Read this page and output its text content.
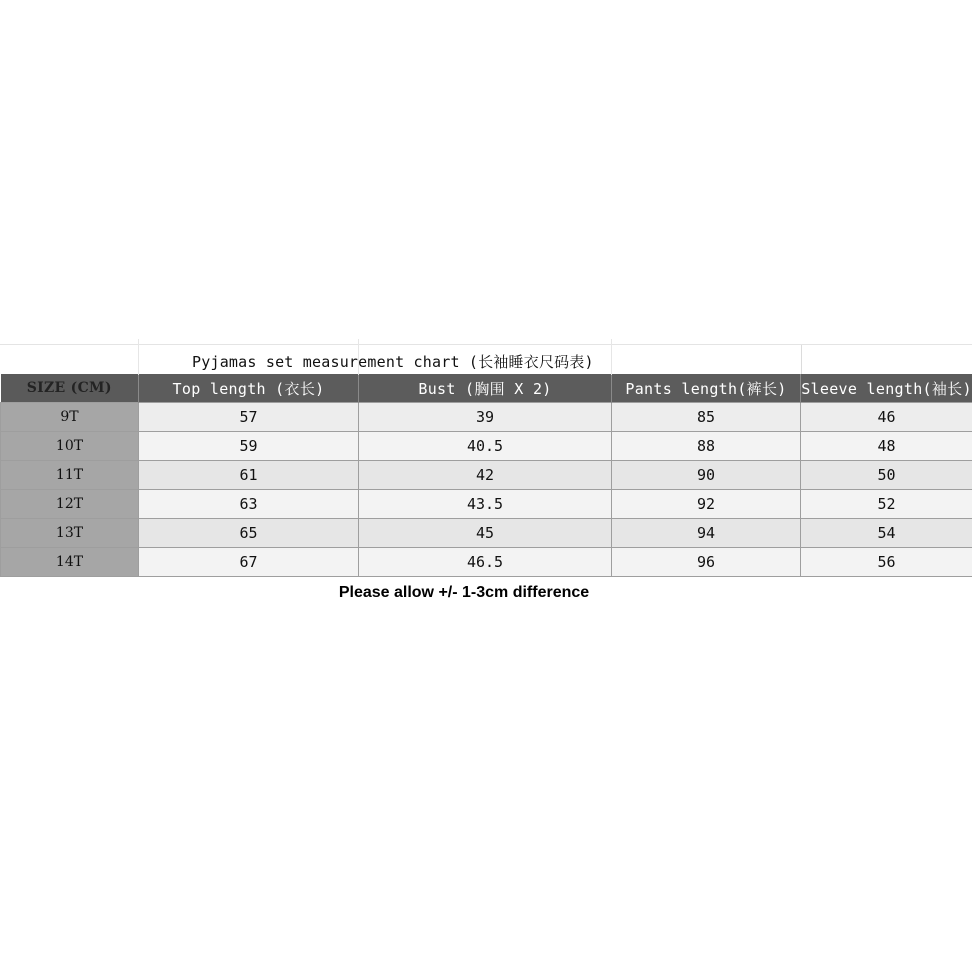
Pyjamas set measurement chart (长袖睡衣尺码表)
SIZE (CM)	Top length (衣长)	Bust (胸围 X 2)	Pants length(裤长)	Sleeve length(袖长)
9T	57	39	85	46
10T	59	40.5	88	48
11T	61	42	90	50
12T	63	43.5	92	52
13T	65	45	94	54
14T	67	46.5	96	56
Please allow +/- 1-3cm difference
